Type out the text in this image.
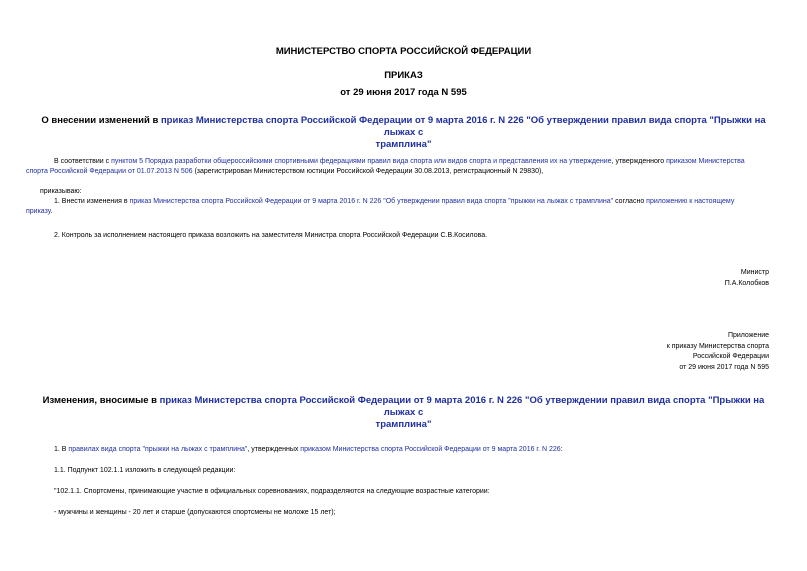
МИНИСТЕРСТВО СПОРТА РОССИЙСКОЙ ФЕДЕРАЦИИ
ПРИКАЗ
от 29 июня 2017 года N 595
О внесении изменений в приказ Министерства спорта Российской Федерации от 9 марта 2016 г. N 226 "Об утверждении правил вида спорта "Прыжки на лыжах с
трамплина"
В соответствии с пунктом 5 Порядка разработки общероссийскими спортивными федерациями правил вида спорта или видов спорта и представления их на утверждение, утвержденного приказом Министерства
спорта Российской Федерации от 01.07.2013 N 506 (зарегистрирован Министерством юстиции Российской Федерации 30.08.2013, регистрационный N 29830),
приказываю:
1. Внести изменения в приказ Министерства спорта Российской Федерации от 9 марта 2016 г. N 226 "Об утверждении правил вида спорта "прыжки на лыжах с трамплина" согласно приложению к настоящему
приказу.
2. Контроль за исполнением настоящего приказа возложить на заместителя Министра спорта Российской Федерации С.В.Косилова.
Министр
П.А.Колобков
Приложение
к приказу Министерства спорта
Российской Федерации
от 29 июня 2017 года N 595
Изменения, вносимые в приказ Министерства спорта Российской Федерации от 9 марта 2016 г. N 226 "Об утверждении правил вида спорта "Прыжки на лыжах с
трамплина"
1. В правилах вида спорта "прыжки на лыжах с трамплина", утвержденных приказом Министерства спорта Российской Федерации от 9 марта 2016 г. N 226:
1.1. Подпункт 102.1.1 изложить в следующей редакции:
"102.1.1. Спортсмены, принимающие участие в официальных соревнованиях, подразделяются на следующие возрастные категории:
- мужчины и женщины - 20 лет и старше (допускаются спортсмены не моложе 15 лет);
